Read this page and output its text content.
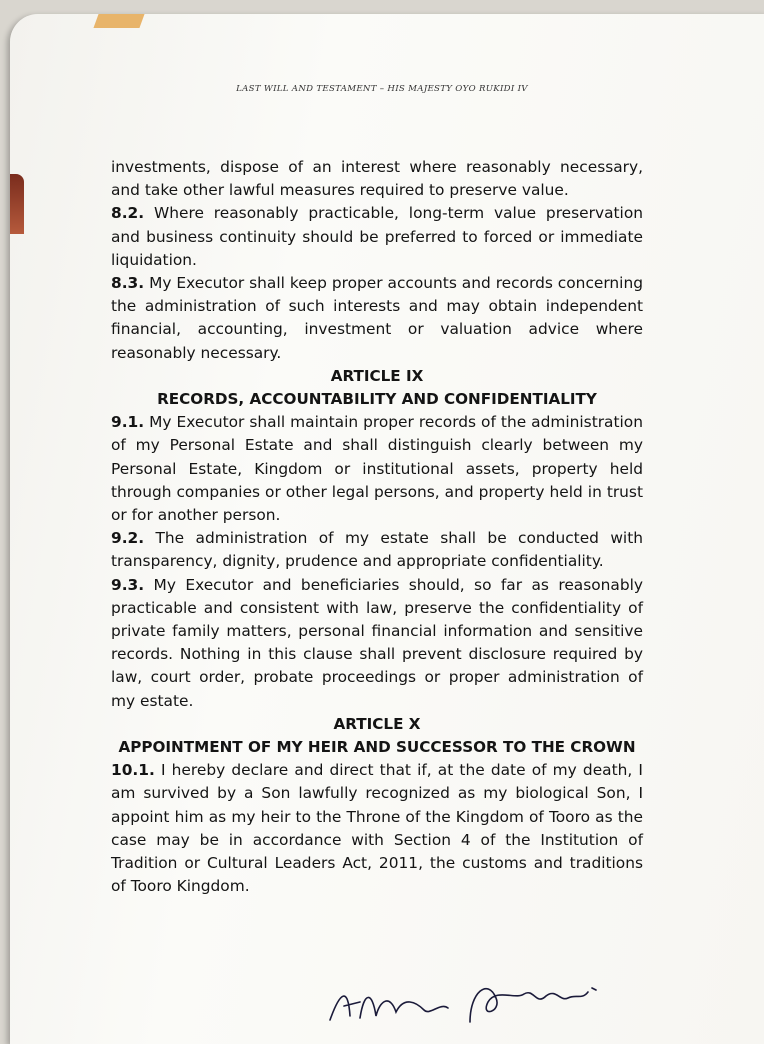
LAST WILL AND TESTAMENT – HIS MAJESTY OYO RUKIDI IV

investments, dispose of an interest where reasonably necessary, and take other lawful measures required to preserve value.

8.2. Where reasonably practicable, long-term value preservation and business continuity should be preferred to forced or immediate liquidation.

8.3. My Executor shall keep proper accounts and records concerning the administration of such interests and may obtain independent financial, accounting, investment or valuation advice where reasonably necessary.

ARTICLE IX

RECORDS, ACCOUNTABILITY AND CONFIDENTIALITY

9.1. My Executor shall maintain proper records of the administration of my Personal Estate and shall distinguish clearly between my Personal Estate, Kingdom or institutional assets, property held through companies or other legal persons, and property held in trust or for another person.

9.2. The administration of my estate shall be conducted with transparency, dignity, prudence and appropriate confidentiality.

9.3. My Executor and beneficiaries should, so far as reasonably practicable and consistent with law, preserve the confidentiality of private family matters, personal financial information and sensitive records. Nothing in this clause shall prevent disclosure required by law, court order, probate proceedings or proper administration of my estate.

ARTICLE X

APPOINTMENT OF MY HEIR AND SUCCESSOR TO THE CROWN

10.1. I hereby declare and direct that if, at the date of my death, I am survived by a Son lawfully recognized as my biological Son, I appoint him as my heir to the Throne of the Kingdom of Tooro as the case may be in accordance with Section 4 of the Institution of Tradition or Cultural Leaders Act, 2011, the customs and traditions of Tooro Kingdom.
